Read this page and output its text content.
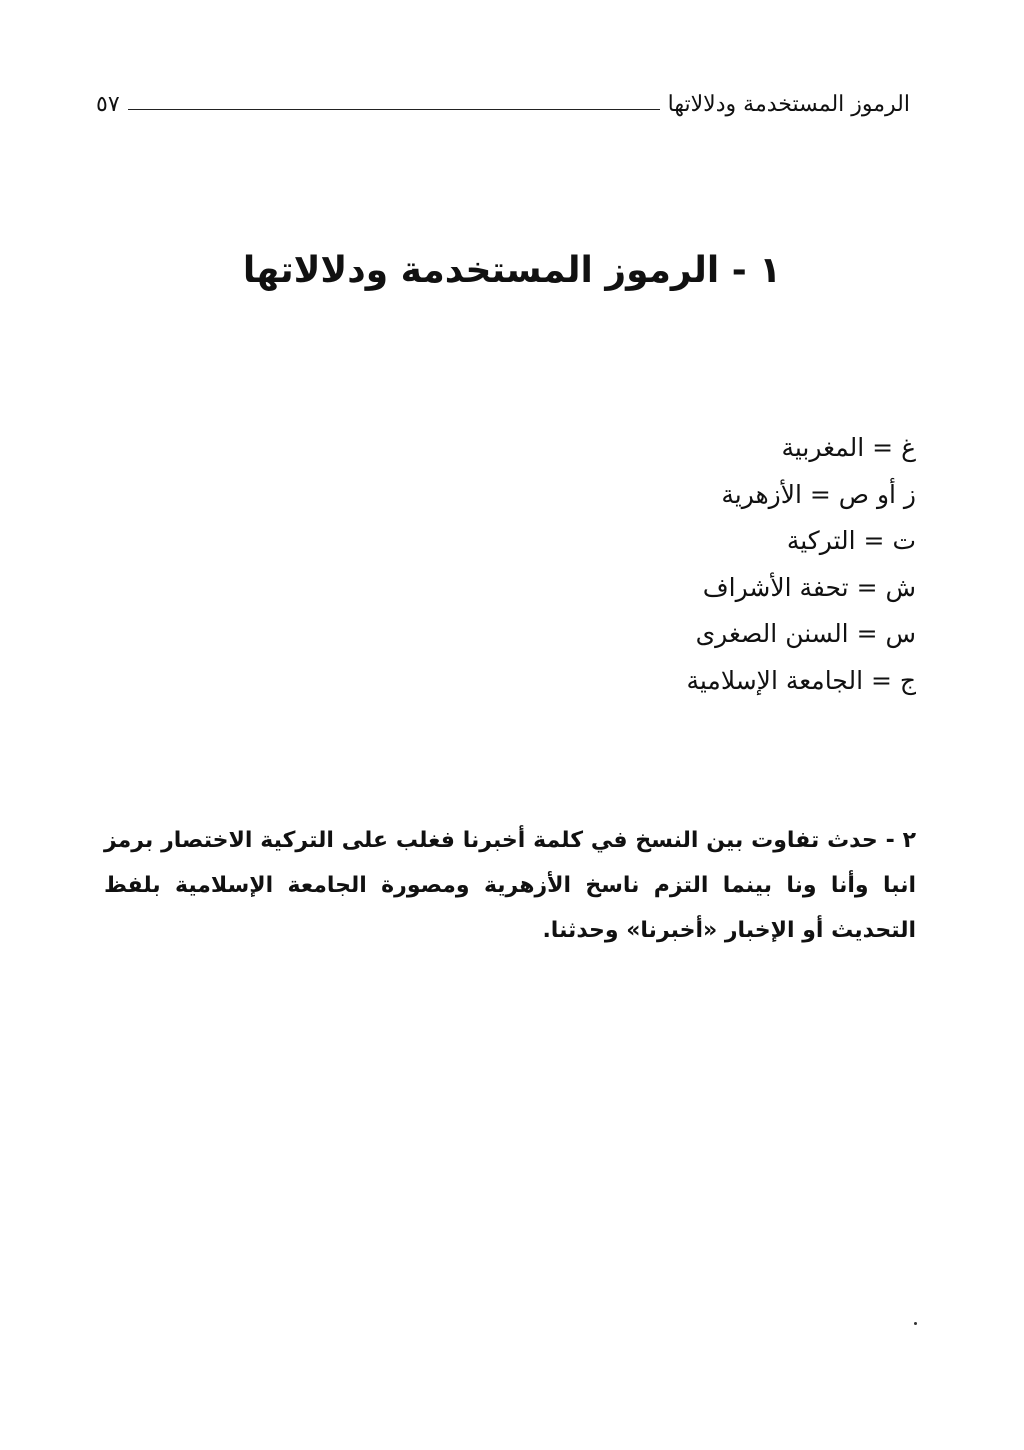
الرموز المستخدمة ودلالاتها
٥٧
١ - الرموز المستخدمة ودلالاتها
غ = المغربية
ز أو ص = الأزهرية
ت = التركية
ش = تحفة الأشراف
س = السنن الصغرى
ج = الجامعة الإسلامية

٢ - حدث تفاوت بين النسخ في كلمة أخبرنا فغلب على التركية الاختصار برمز انبا وأنا ونا بينما التزم ناسخ الأزهرية ومصورة الجامعة الإسلامية بلفظ التحديث أو الإخبار «أخبرنا» وحدثنا.
